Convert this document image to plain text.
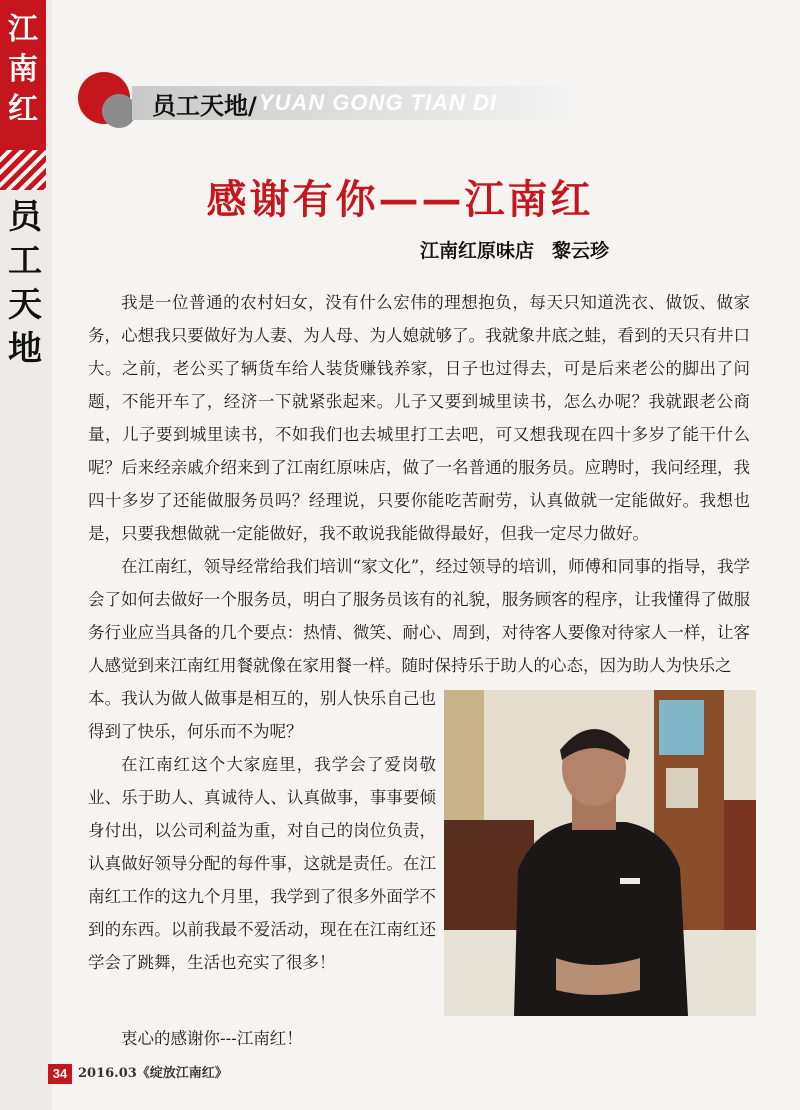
江
南
红
员
工
天
地
员工天地/ YUAN GONG TIAN DI
感谢有你——江南红
江南红原味店 黎云珍

我是一位普通的农村妇女，没有什么宏伟的理想抱负，每天只知道洗衣、做饭、做家务，心想我只要做好为人妻、为人母、为人媳就够了。我就象井底之蛙，看到的天只有井口大。之前，老公买了辆货车给人装货赚钱养家，日子也过得去，可是后来老公的脚出了问题，不能开车了，经济一下就紧张起来。儿子又要到城里读书，怎么办呢？我就跟老公商量，儿子要到城里读书，不如我们也去城里打工去吧，可又想我现在四十多岁了能干什么呢？后来经亲戚介绍来到了江南红原味店，做了一名普通的服务员。应聘时，我问经理，我四十多岁了还能做服务员吗？经理说，只要你能吃苦耐劳，认真做就一定能做好。我想也是，只要我想做就一定能做好，我不敢说我能做得最好，但我一定尽力做好。

在江南红，领导经常给我们培训“家文化”，经过领导的培训，师傅和同事的指导，我学会了如何去做好一个服务员，明白了服务员该有的礼貌，服务顾客的程序，让我懂得了做服务行业应当具备的几个要点：热情、微笑、耐心、周到，对待客人要像对待家人一样，让客人感觉到来江南红用餐就像在家用餐一样。随时保持乐于助人的心态，因为助人为快乐之

本。我认为做人做事是相互的，别人快乐自己也得到了快乐，何乐而不为呢？

在江南红这个大家庭里，我学会了爱岗敬业、乐于助人、真诚待人、认真做事，事事要倾身付出，以公司利益为重，对自己的岗位负责，认真做好领导分配的每件事，这就是责任。在江南红工作的这九个月里，我学到了很多外面学不到的东西。以前我最不爱活动，现在在江南红还学会了跳舞，生活也充实了很多！

衷心的感谢你---江南红！
34 2016.03《绽放江南红》
